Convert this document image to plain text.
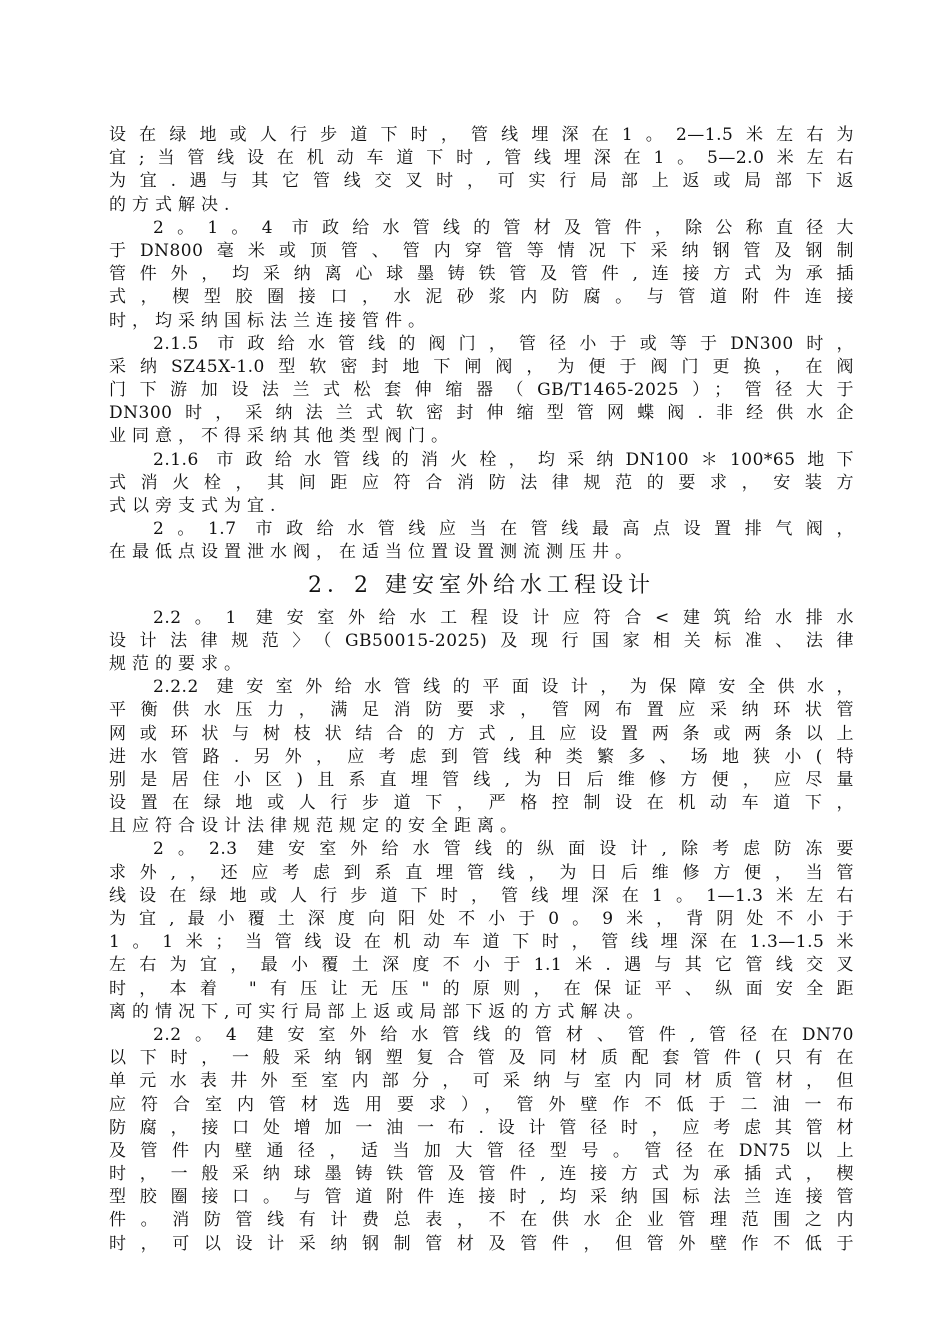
设在绿地或人行步道下时，管线埋深在1。2—1.5米左右为
宜;当管线设在机动车道下时,管线埋深在1。5—2.0米左右
为宜.遇与其它管线交叉时，可实行局部上返或局部下返
的方式解决.
2。1。4 市政给水管线的管材及管件，除公称直径大
于DN800毫米或顶管、管内穿管等情况下采纳钢管及钢制
管件外，均采纳离心球墨铸铁管及管件,连接方式为承插
式，楔型胶圈接口，水泥砂浆内防腐。与管道附件连接
时，均采纳国标法兰连接管件。
2.1.5 市政给水管线的阀门，管径小于或等于DN300时，
采纳SZ45X-1.0型软密封地下闸阀，为便于阀门更换，在阀
门下游加设法兰式松套伸缩器（GB/T1465-2025）；管径大于
DN300时，采纳法兰式软密封伸缩型管网蝶阀.非经供水企
业同意，不得采纳其他类型阀门。
2.1.6 市政给水管线的消火栓，均采纳DN100＊100*65地下
式消火栓，其间距应符合消防法律规范的要求，安装方
式以旁支式为宜.
2。1.7 市政给水管线应当在管线最高点设置排气阀，
在最低点设置泄水阀，在适当位置设置测流测压井。
2．2 建安室外给水工程设计
2.2。1 建安室外给水工程设计应符合<建筑给水排水
设计法律规范〉（GB50015-2025)及现行国家相关标准、法律
规范的要求。
2.2.2 建安室外给水管线的平面设计，为保障安全供水，
平衡供水压力，满足消防要求，管网布置应采纳环状管
网或环状与树枝状结合的方式,且应设置两条或两条以上
进水管路.另外，应考虑到管线种类繁多、场地狭小(特
别是居住小区)且系直埋管线,为日后维修方便，应尽量
设置在绿地或人行步道下，严格控制设在机动车道下，
且应符合设计法律规范规定的安全距离。
2。2.3 建安室外给水管线的纵面设计,除考虑防冻要
求外,，还应考虑到系直埋管线，为日后维修方便，当管
线设在绿地或人行步道下时，管线埋深在1。1—1.3米左右
为宜,最小覆土深度向阳处不小于0。9米，背阴处不小于
1。1米；当管线设在机动车道下时，管线埋深在1.3—1.5米
左右为宜，最小覆土深度不小于1.1米.遇与其它管线交叉
时，本着 "有压让无压"的原则，在保证平、纵面安全距
离的情况下,可实行局部上返或局部下返的方式解决。
2.2。4 建安室外给水管线的管材、管件,管径在DN70
以下时，一般采纳钢塑复合管及同材质配套管件(只有在
单元水表井外至室内部分，可采纳与室内同材质管材，但
应符合室内管材选用要求），管外壁作不低于二油一布
防腐，接口处增加一油一布.设计管径时，应考虑其管材
及管件内壁通径，适当加大管径型号。管径在DN75以上
时，一般采纳球墨铸铁管及管件,连接方式为承插式，楔
型胶圈接口。与管道附件连接时,均采纳国标法兰连接管
件。消防管线有计费总表，不在供水企业管理范围之内
时，可以设计采纳钢制管材及管件，但管外壁作不低于
